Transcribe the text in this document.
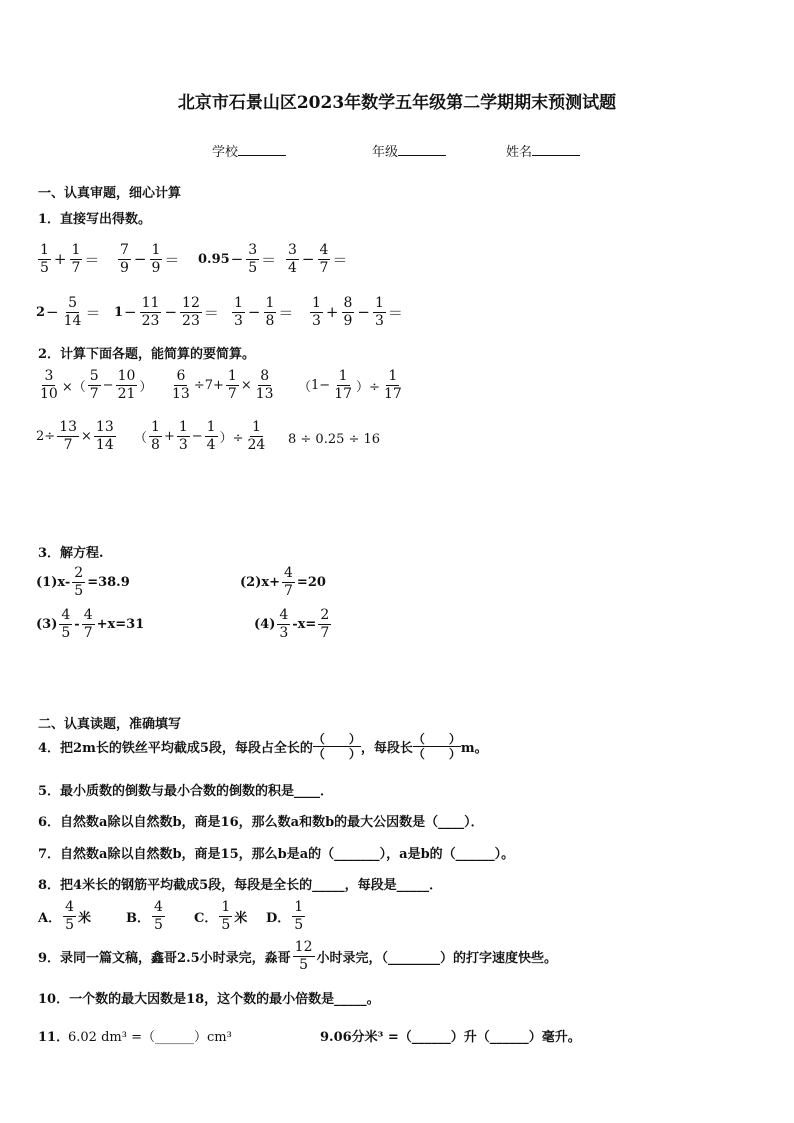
北京市石景山区2023年数学五年级第二学期期末预测试题
学校	年级	姓名
一、认真审题，细心计算
1．直接写出得数。
$\frac{1}{5} + \frac{1}{7} = \frac{7}{9} - \frac{1}{9} = 0.95 - \frac{3}{5} = \frac{3}{4} - \frac{4}{7}$ ＝
$2 - \frac{5}{14} = 1 - \frac{11}{23} - \frac{12}{23} = \frac{1}{3} - \frac{1}{8} = \frac{1}{3} + \frac{8}{9} - \frac{1}{3}$ ＝
2．计算下面各题，能简算的要简算。
$\frac{3}{10}$ ×（ $\frac{5}{7} - \frac{10}{21}$ ） $\frac{6}{13} \div 7 + \frac{1}{7} \times \frac{8}{13}$ （ $1 - \frac{1}{17}$ ）÷ $\frac{1}{17}$
$2 \div \frac{13}{7} \times \frac{13}{14}$ （ $\frac{1}{8} + \frac{1}{3} - \frac{1}{4}$ ）÷ $\frac{1}{24} 8 \div 0.25 \div 16$
3．解方程.
$(1)x- \frac{2}{5} =38.9$	$(2)x+ \frac{4}{7} =20$
$(3) \frac{4}{5} - \frac{4}{7} +x=31$	$(4) \frac{4}{3} -x= \frac{2}{7}$
二、认真读题，准确填写
4．把2m长的铁丝平均截成5段，每段占全长的
（　　）
（　　） ，每段长
（　　）
（　　） m。
5．最小质数的倒数与最小合数的倒数的积是____．
6．自然数a除以自然数b，商是16，那么数a和数b的最大公因数是（____）．
7．自然数a除以自然数b，商是15，那么b是a的（_______），a是b的（______）。
8．把4米长的钢筋平均截成5段，每段是全长的_____，每段是_____．
A． $\frac{4}{5}$ 米	B． $\frac{4}{5}$ C． $\frac{1}{5}$ 米 D． $\frac{1}{5}$
9．录同一篇文稿，鑫哥2.5小时录完，淼哥 $\frac{12}{5}$ 小时录完，（________）的打字速度快些。
10．一个数的最大因数是18，这个数的最小倍数是_____。
11．
6.02 dm³ =（______）cm³	9.06分米³ =（______）升（______）毫升。
